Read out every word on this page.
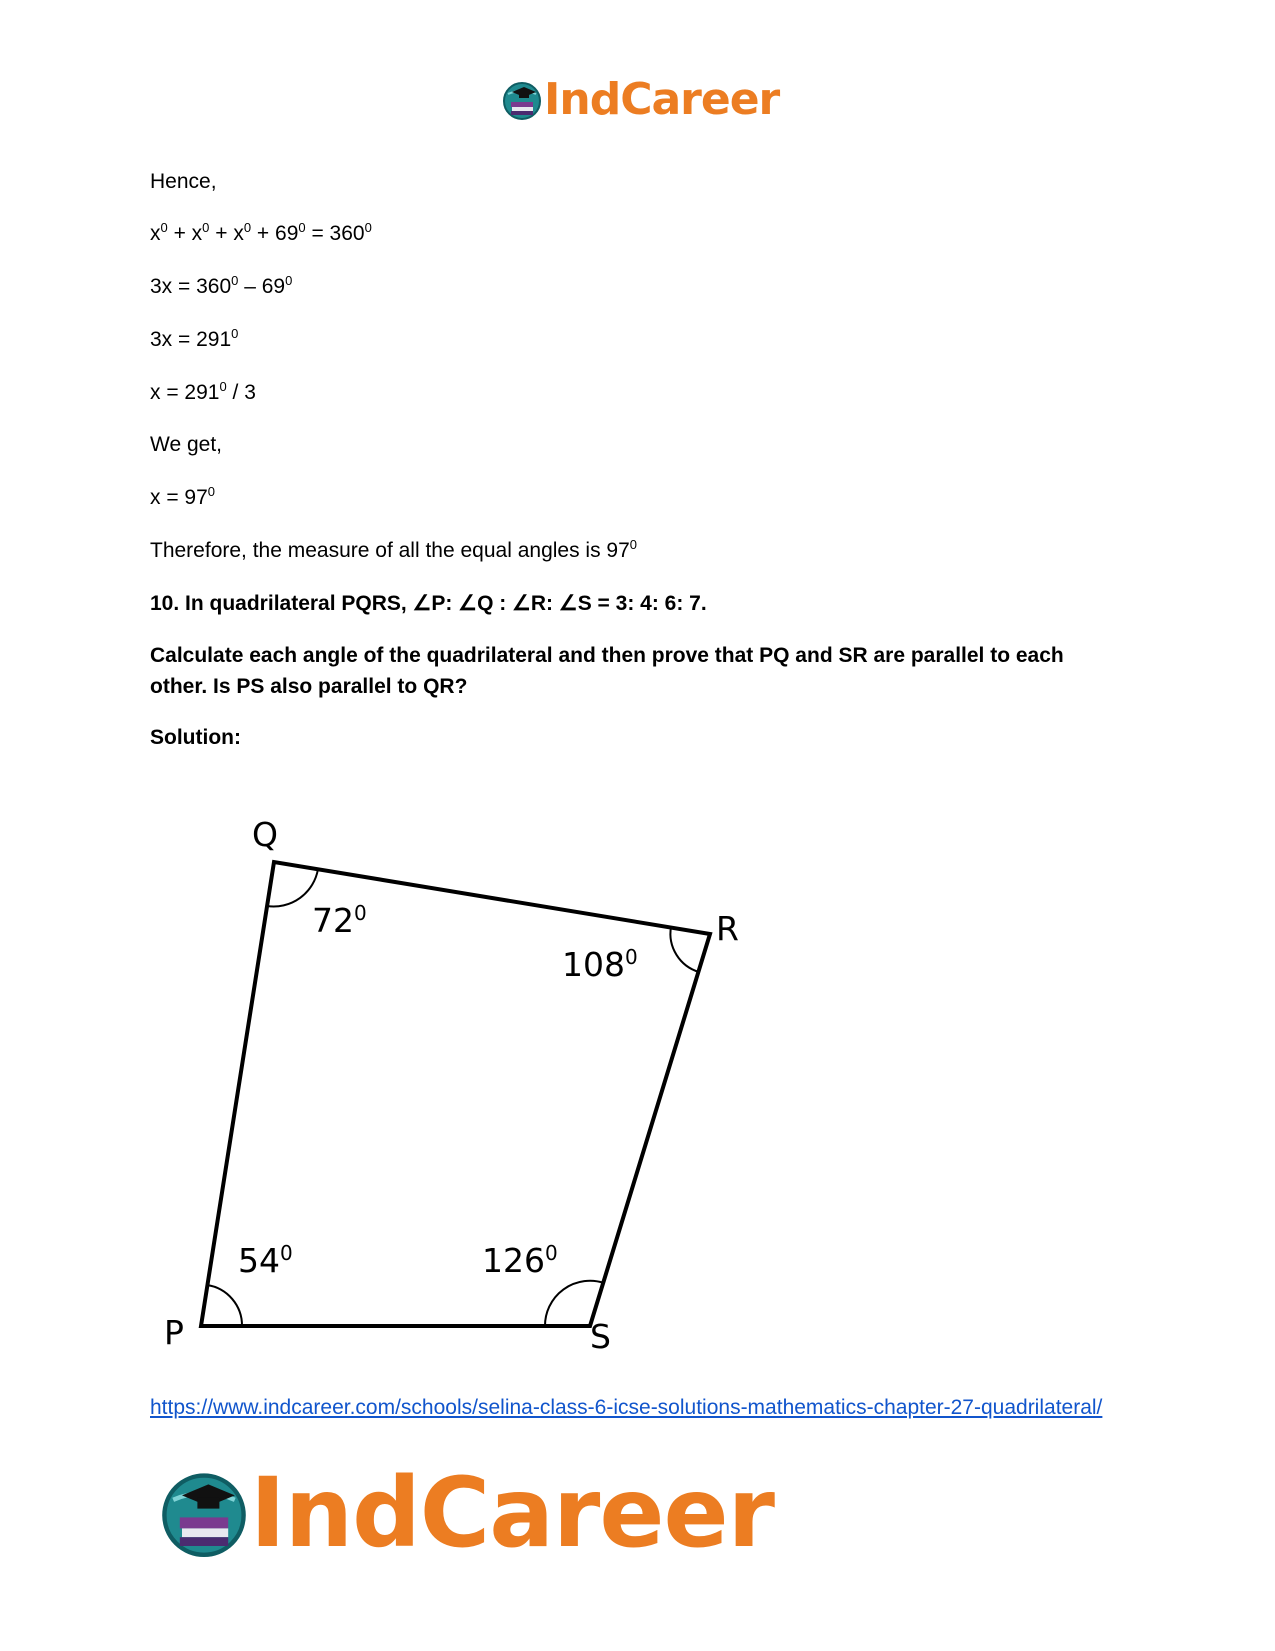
IndCareer
Hence,
$x^0 + x^0 + x^0 + 69^0 = 360^0$
$3x = 360^0 - 69^0$
$3x = 291^0$
$x = 291^0 / 3$
We get,
$x = 97^0$
Therefore, the measure of all the equal angles is $97^0$
10. In quadrilateral PQRS, ∠P: ∠Q : ∠R: ∠S = 3: 4: 6: 7.
Calculate each angle of the quadrilateral and then prove that PQ and SR are parallel to each other. Is PS also parallel to QR?
Solution:
https://www.indcareer.com/schools/selina-class-6-icse-solutions-mathematics-chapter-27-quadrilateral/
Q
R
P	S
$72^0$
$108^0$
$54^0$	$126^0$
IndCareer
